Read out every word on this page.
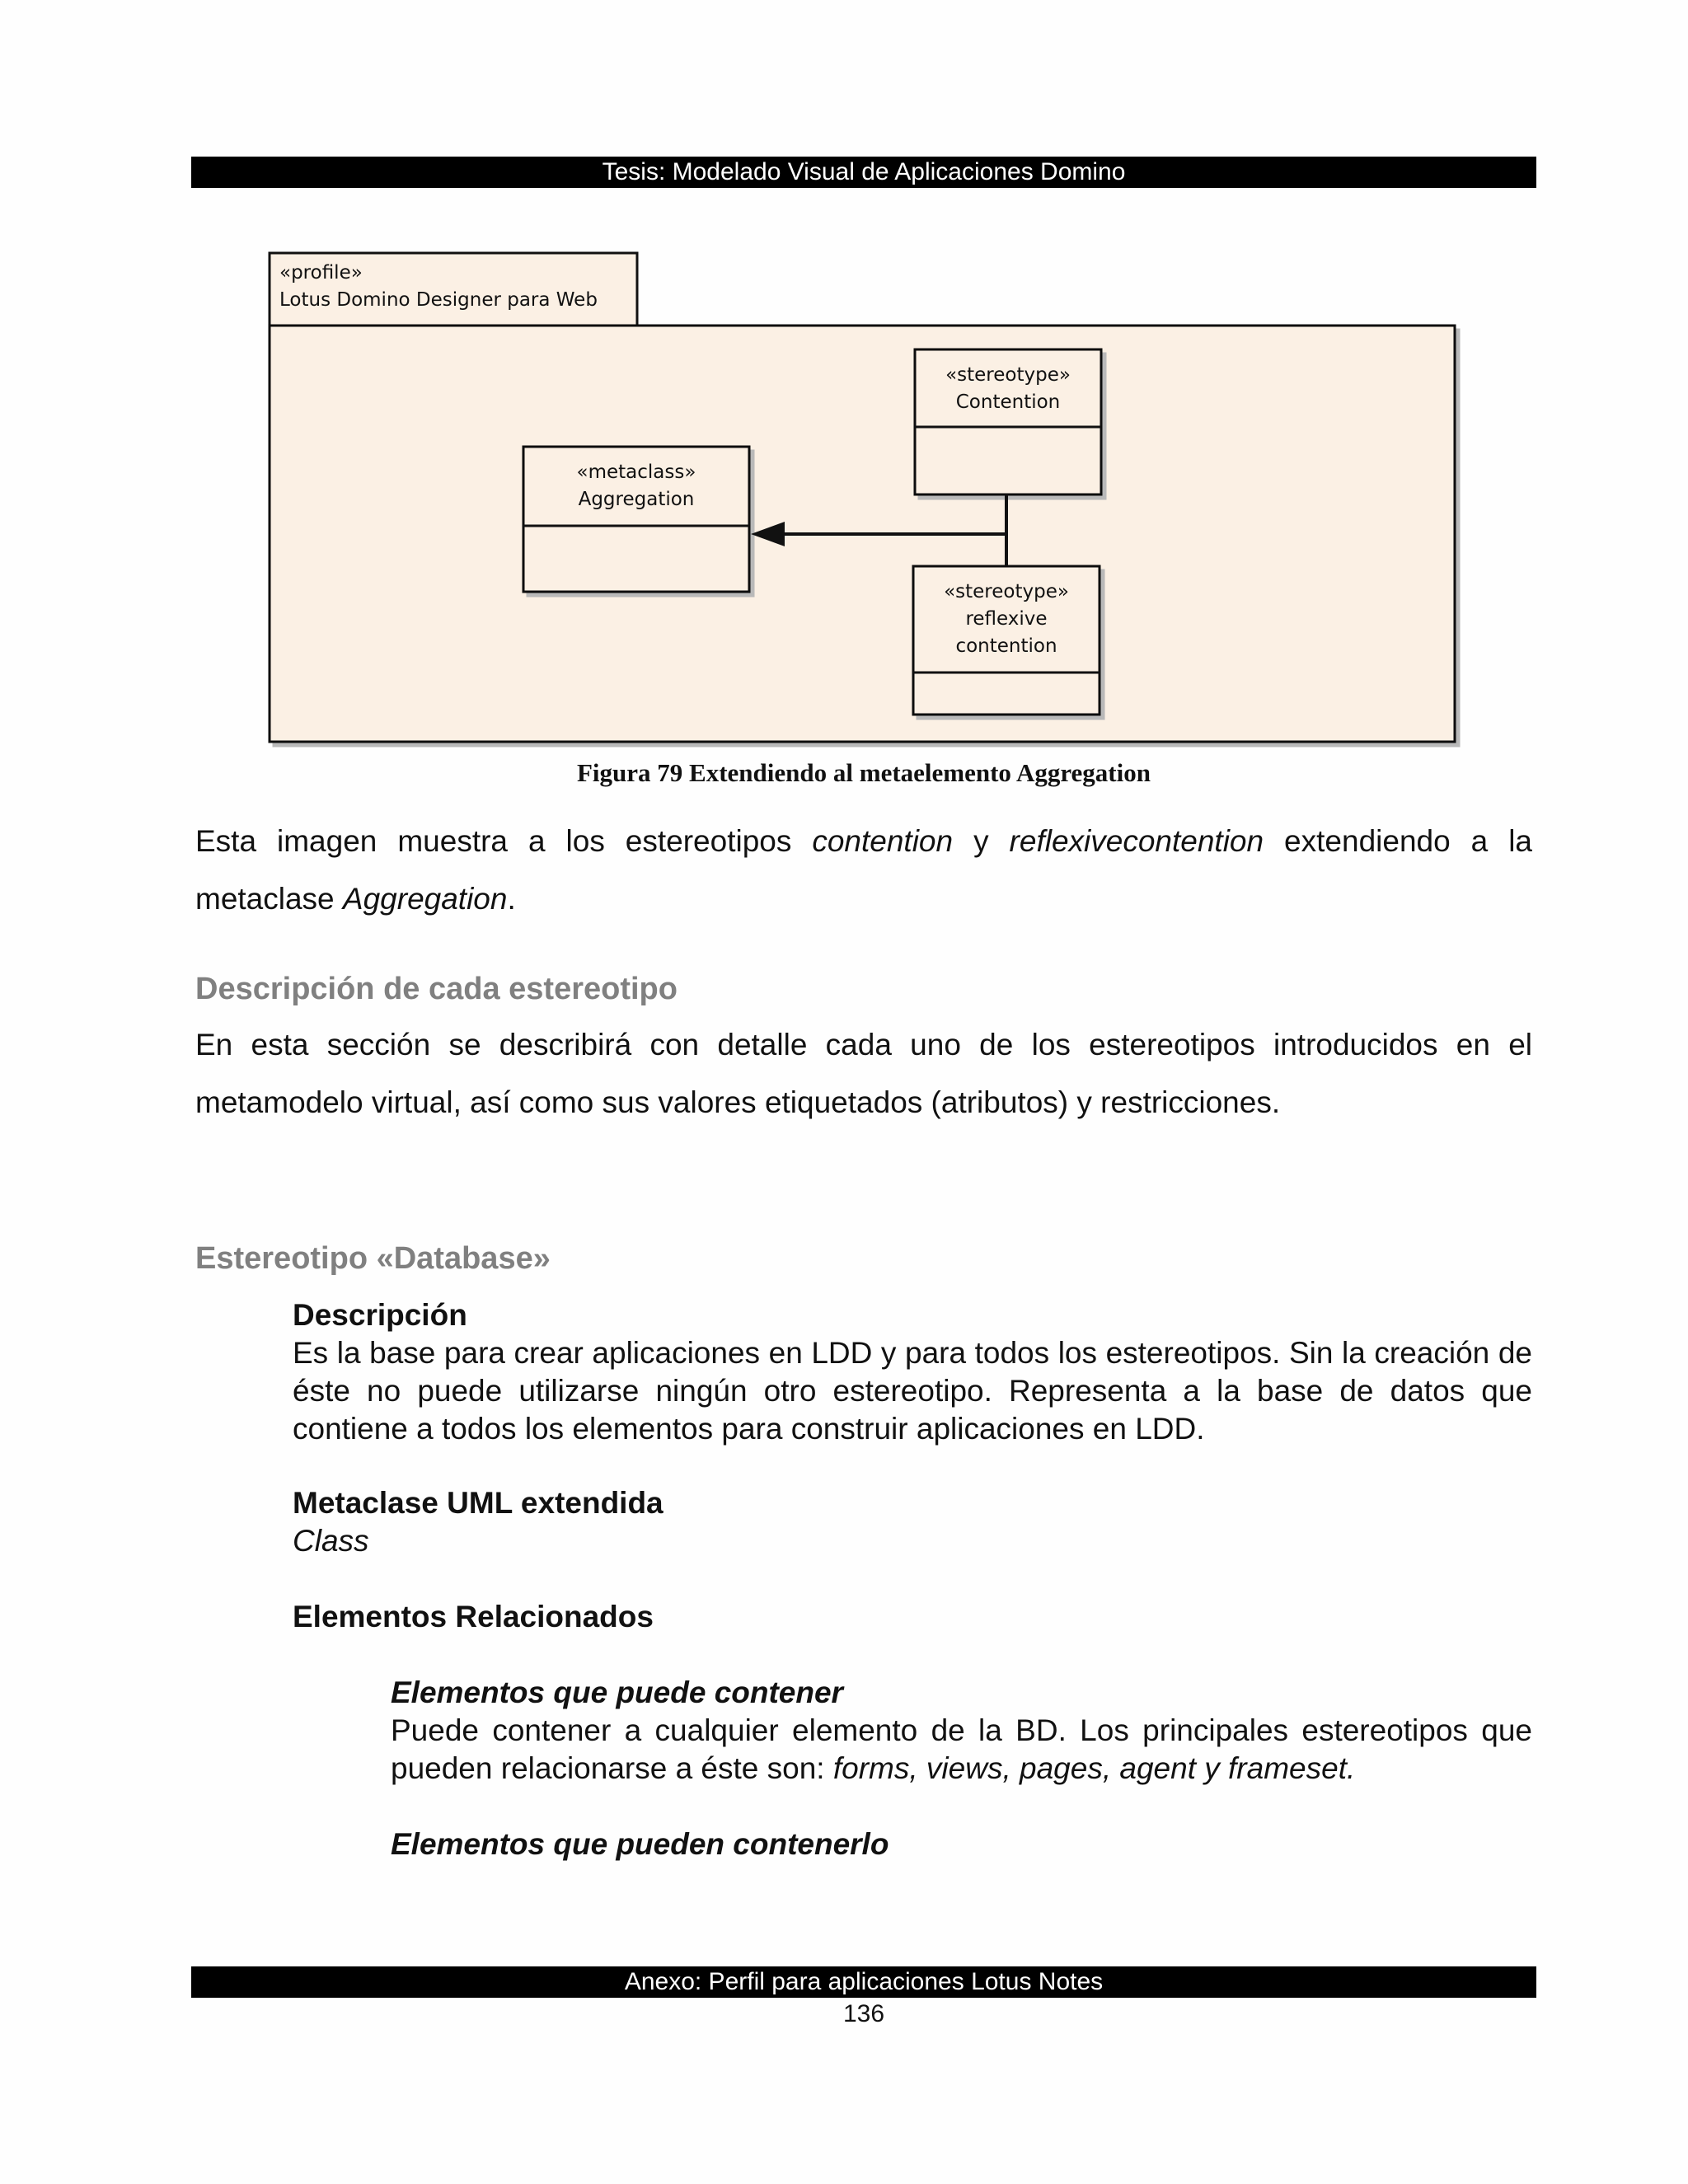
Tesis: Modelado Visual de Aplicaciones Domino
«profile»
Lotus Domino Designer para Web
«metaclass»
Aggregation
«stereotype»
Contention
«stereotype»
reflexive
contention
Figura 79 Extendiendo al metaelemento Aggregation

Esta imagen muestra a los estereotipos contention y reflexivecontention extendiendo a la metaclase Aggregation.

Descripción de cada estereotipo

En esta sección se describirá con detalle cada uno de los estereotipos introducidos en el metamodelo virtual, así como sus valores etiquetados (atributos) y restricciones.

Estereotipo «Database»

Descripción

Es la base para crear aplicaciones en LDD y para todos los estereotipos. Sin la creación de éste no puede utilizarse ningún otro estereotipo. Representa a la base de datos que contiene a todos los elementos para construir aplicaciones en LDD.

Metaclase UML extendida

Class

Elementos Relacionados

Elementos que puede contener

Puede contener a cualquier elemento de la BD. Los principales estereotipos que pueden relacionarse a éste son: forms, views, pages, agent y frameset.

Elementos que pueden contenerlo

Anexo: Perfil para aplicaciones Lotus Notes
136
